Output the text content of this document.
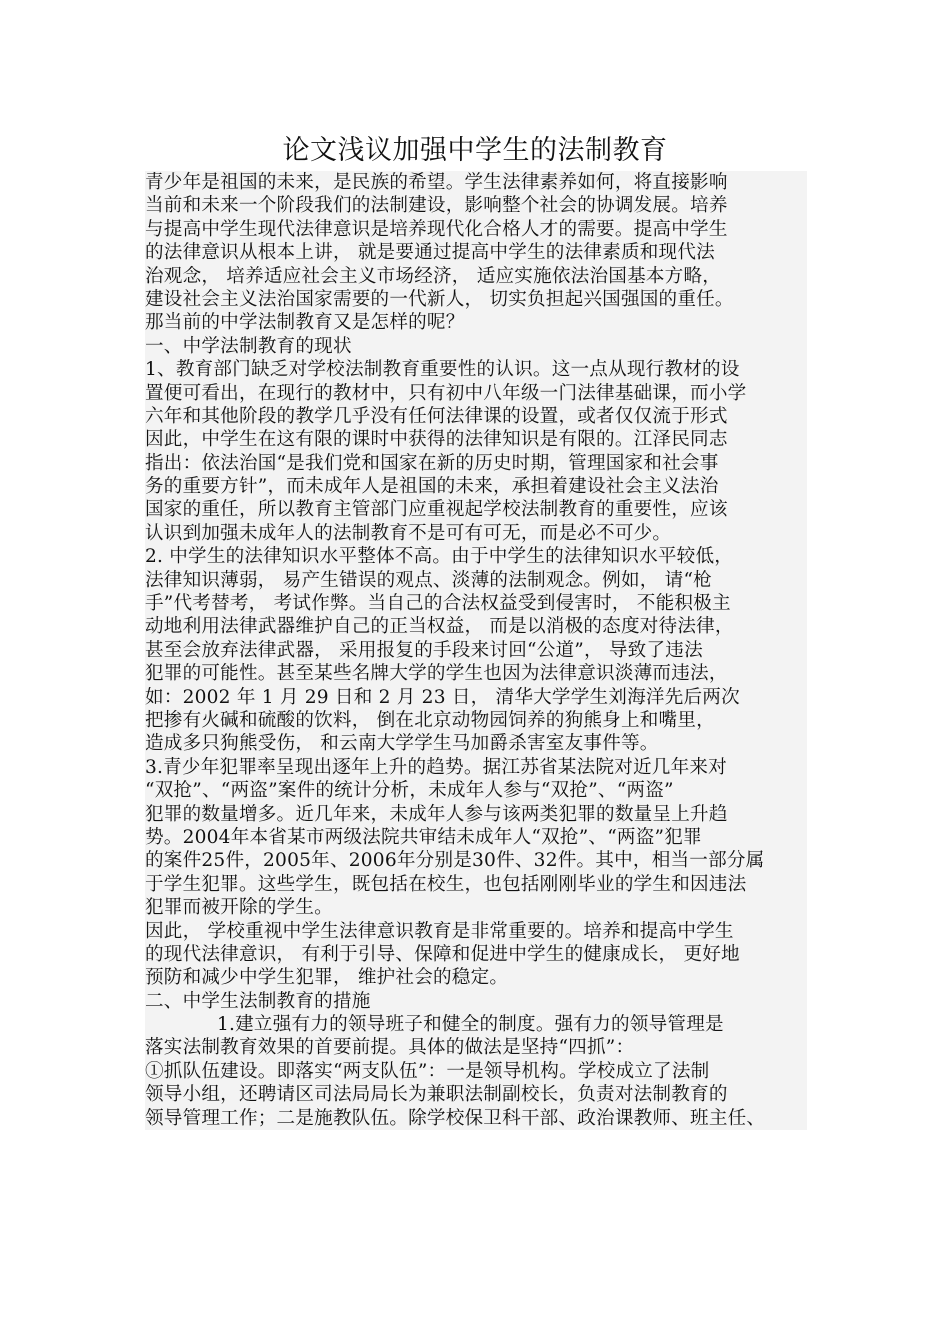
论文浅议加强中学生的法制教育
青少年是祖国的未来，是民族的希望。学生法律素养如何，将直接影响
当前和未来一个阶段我们的法制建设，影响整个社会的协调发展。培养
与提高中学生现代法律意识是培养现代化合格人才的需要。提高中学生
的法律意识从根本上讲， 就是要通过提高中学生的法律素质和现代法
治观念， 培养适应社会主义市场经济， 适应实施依法治国基本方略，
建设社会主义法治国家需要的一代新人， 切实负担起兴国强国的重任。
那当前的中学法制教育又是怎样的呢？
一、中学法制教育的现状
1、教育部门缺乏对学校法制教育重要性的认识。这一点从现行教材的设
置便可看出，在现行的教材中，只有初中八年级一门法律基础课，而小学
六年和其他阶段的教学几乎没有任何法律课的设置，或者仅仅流于形式
因此，中学生在这有限的课时中获得的法律知识是有限的。江泽民同志
指出：依法治国“是我们党和国家在新的历史时期，管理国家和社会事
务的重要方针”，而未成年人是祖国的未来，承担着建设社会主义法治
国家的重任，所以教育主管部门应重视起学校法制教育的重要性，应该
认识到加强未成年人的法制教育不是可有可无，而是必不可少。
2. 中学生的法律知识水平整体不高。由于中学生的法律知识水平较低，
法律知识薄弱， 易产生错误的观点、淡薄的法制观念。例如， 请“枪
手”代考替考， 考试作弊。当自己的合法权益受到侵害时， 不能积极主
动地利用法律武器维护自己的正当权益， 而是以消极的态度对待法律，
甚至会放弃法律武器， 采用报复的手段来讨回“公道”， 导致了违法
犯罪的可能性。甚至某些名牌大学的学生也因为法律意识淡薄而违法，
如：2002 年 1 月 29 日和 2 月 23 日， 清华大学学生刘海洋先后两次
把掺有火碱和硫酸的饮料， 倒在北京动物园饲养的狗熊身上和嘴里，
造成多只狗熊受伤， 和云南大学学生马加爵杀害室友事件等。
3.青少年犯罪率呈现出逐年上升的趋势。据江苏省某法院对近几年来对
“双抢”、“两盗”案件的统计分析，未成年人参与“双抢”、“两盗”
犯罪的数量增多。近几年来，未成年人参与该两类犯罪的数量呈上升趋
势。2004年本省某市两级法院共审结未成年人“双抢”、“两盗”犯罪
的案件25件，2005年、2006年分别是30件、32件。其中，相当一部分属
于学生犯罪。这些学生，既包括在校生，也包括刚刚毕业的学生和因违法
犯罪而被开除的学生。
因此， 学校重视中学生法律意识教育是非常重要的。培养和提高中学生
的现代法律意识， 有利于引导、保障和促进中学生的健康成长， 更好地
预防和减少中学生犯罪， 维护社会的稳定。
二、中学生法制教育的措施
1.建立强有力的领导班子和健全的制度。强有力的领导管理是
落实法制教育效果的首要前提。具体的做法是坚持“四抓”：
①抓队伍建设。即落实“两支队伍”：一是领导机构。学校成立了法制
领导小组，还聘请区司法局局长为兼职法制副校长，负责对法制教育的
领导管理工作；二是施教队伍。除学校保卫科干部、政治课教师、班主任、
